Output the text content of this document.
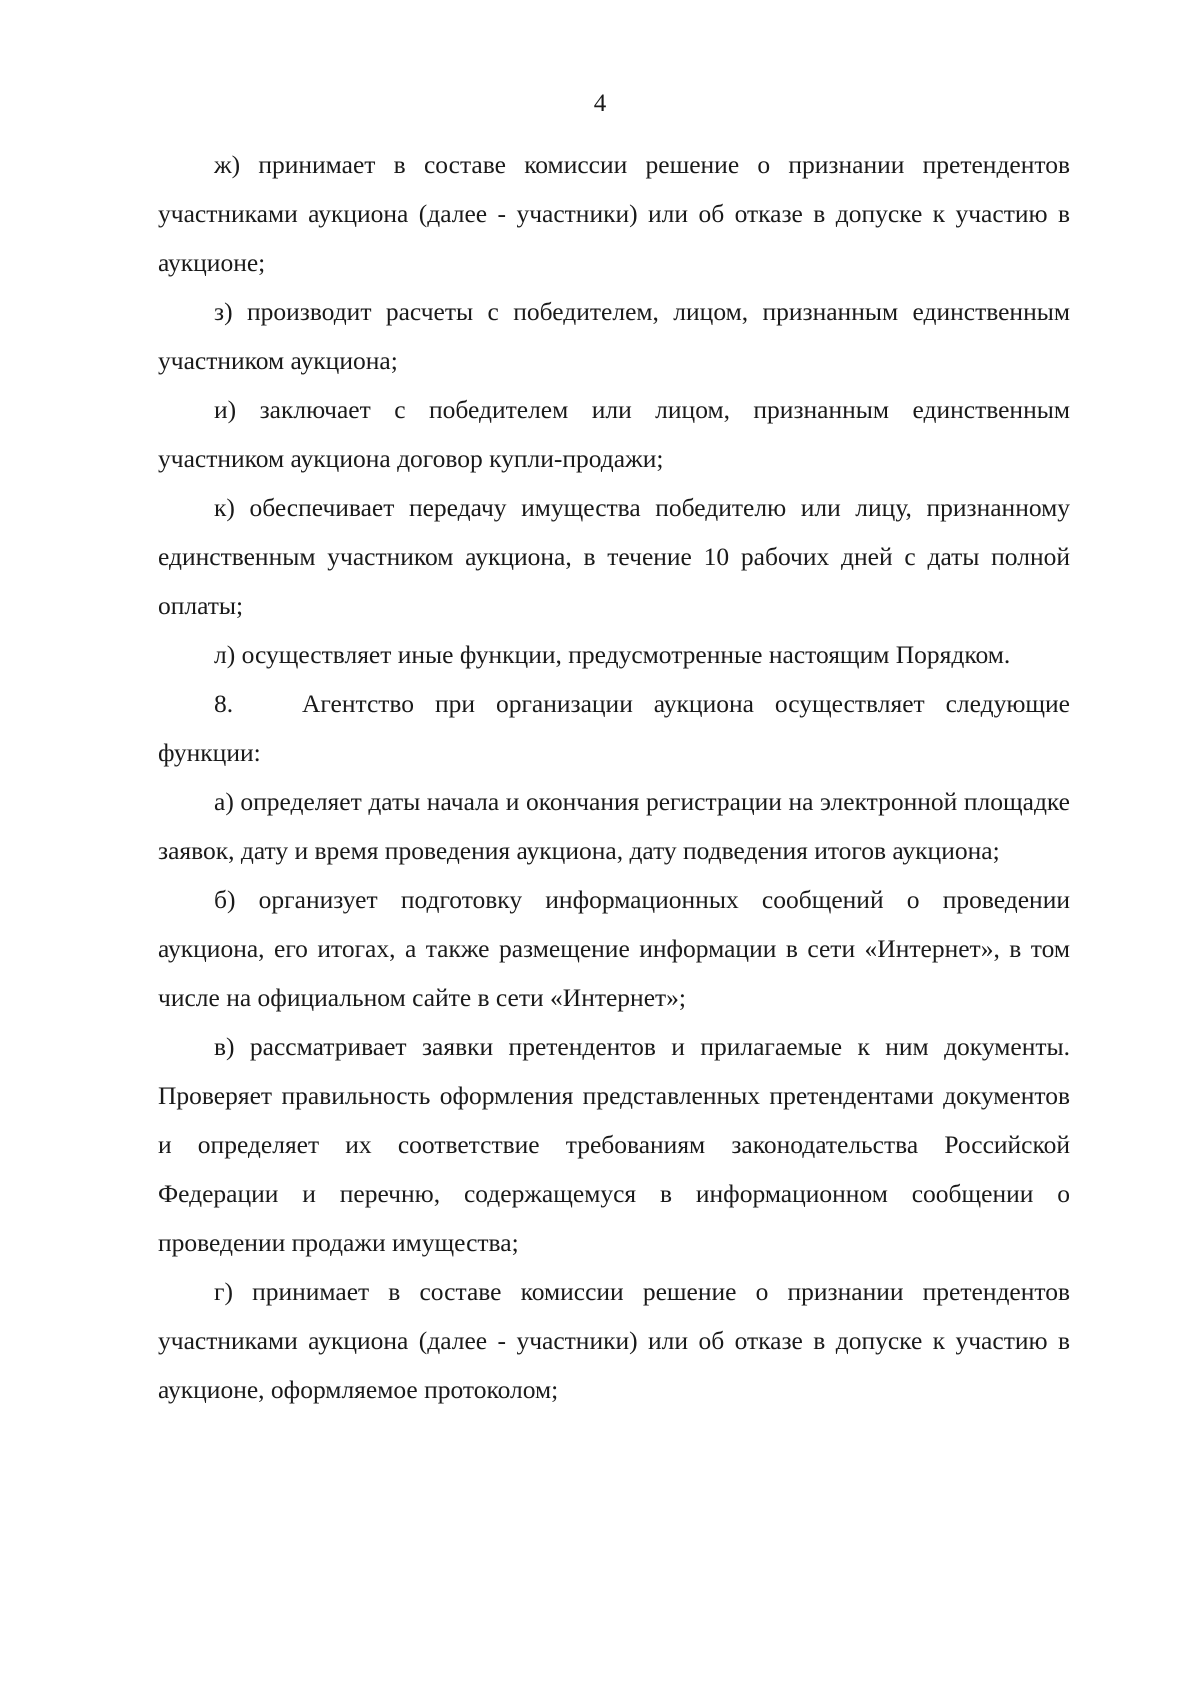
4

ж) принимает в составе комиссии решение о признании претендентов участниками аукциона (далее - участники) или об отказе в допуске к участию в аукционе;

з) производит расчеты с победителем, лицом, признанным единственным участником аукциона;

и) заключает с победителем или лицом, признанным единственным участником аукциона договор купли-продажи;

к) обеспечивает передачу имущества победителю или лицу, признанному единственным участником аукциона, в течение 10 рабочих дней с даты полной оплаты;

л) осуществляет иные функции, предусмотренные настоящим Порядком.

8.	Агентство при организации аукциона осуществляет следующие функции:

а) определяет даты начала и окончания регистрации на электронной площадке заявок, дату и время проведения аукциона, дату подведения итогов аукциона;

б) организует подготовку информационных сообщений о проведении аукциона, его итогах, а также размещение информации в сети «Интернет», в том числе на официальном сайте в сети «Интернет»;

в) рассматривает заявки претендентов и прилагаемые к ним документы. Проверяет правильность оформления представленных претендентами документов и определяет их соответствие требованиям законодательства Российской Федерации и перечню, содержащемуся в информационном сообщении о проведении продажи имущества;

г) принимает в составе комиссии решение о признании претендентов участниками аукциона (далее - участники) или об отказе в допуске к участию в аукционе, оформляемое протоколом;
